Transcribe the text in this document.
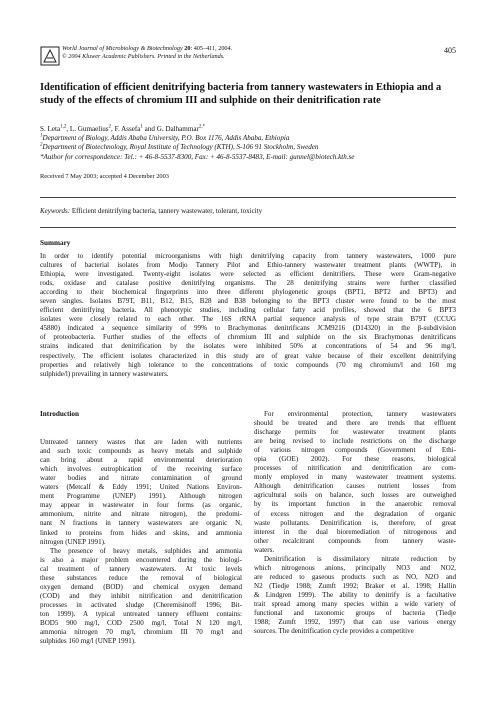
World Journal of Microbiology & Biotechnology 20: 405–411, 2004.
© 2004 Kluwer Academic Publishers. Printed in the Netherlands.
405
Identification of efficient denitrifying bacteria from tannery wastewaters in Ethiopia and a study of the effects of chromium III and sulphide on their denitrification rate
S. Leta$^{1,2}$, L. Gumaelius$^2$, F. Assefa$^1$ and G. Dalhammar$^{2,*}$
$^1$Department of Biology, Addis Ababa University, P.O. Box 1176, Addis Ababa, Ethiopia
$^2$Department of Biotechnology, Royal Institute of Technology (KTH), S-106 91 Stockholm, Sweden
*Author for correspondence: Tel.: + 46-8-5537-8300, Fax: + 46-8-5537-8483, E-mail: gunnel@biotech.kth.se
Received 7 May 2003; accepted 4 December 2003
Keywords: Efficient denitrifying bacteria, tannery wastewater, tolerant, toxicity
Summary
In order to identify potential microorganisms with high denitrifying capacity from tannery wastewaters, 1000 pure
cultures of bacterial isolates from Modjo Tannery Pilot and Ethio-tannery wastewater treatment plants (WWTP), in
Ethiopia, were investigated. Twenty-eight isolates were selected as efficient denitrifiers. These were Gram-negative
rods, oxidase and catalase positive denitrifying organisms. The 28 denitrifying strains were further classified
according to their biochemical fingerprints into three different phylogenetic groups (BPT1, BPT2 and BPT3) and
seven singles. Isolates B79T, B11, B12, B15, B28 and B38 belonging to the BPT3 cluster were found to be the most
efficient denitrifying bacteria. All phenotypic studies, including cellular fatty acid profiles, showed that the 6 BPT3
isolates were closely related to each other. The 16S rRNA partial sequence analysis of type strain B79T (CCUG
45880) indicated a sequence similarity of 99% to Brachymonas denitrificans JCM9216 (D14320) in the β-subdivision
of proteobacteria. Further studies of the effects of chromium III and sulphide on the six Brachymonas denitrificans
strains indicated that denitrification by the isolates were inhibited 50% at concentrations of 54 and 96 mg/l,
respectively. The efficient isolates characterized in this study are of great value because of their excellent denitrifying
properties and relatively high tolerance to the concentrations of toxic compounds (70 mg chromium/l and 160 mg
sulphide/l) prevailing in tannery wastewaters.
Introduction
Untreated tannery wastes that are laden with nutrients
and such toxic compounds as heavy metals and sulphide
can bring about a rapid environmental deterioration
which involves eutrophication of the receiving surface
water bodies and nitrate contamination of ground
waters (Metcalf & Eddy 1991; United Nations Environ-
ment Programme (UNEP) 1991). Although nitrogen
may appear in wastewater in four forms (as organic,
ammonium, nitrite and nitrate nitrogen), the predomi-
nant N fractions in tannery wastewaters are organic N,
linked to proteins from hides and skins, and ammonia
nitrogen (UNEP 1991).
The presence of heavy metals, sulphides and ammonia
is also a major problem encountered during the biologi-
cal treatment of tannery wastewaters. At toxic levels
these substances reduce the removal of biological
oxygen demand (BOD) and chemical oxygen demand
(COD) and they inhibit nitrification and denitrification
processes in activated sludge (Cheremisinoff 1996; Bit-
ton 1999). A typical untreated tannery effluent contains:
BOD5 900 mg/l, COD 2500 mg/l, Total N 120 mg/l,
ammonia nitrogen 70 mg/l, chromium III 70 mg/l and
sulphides 160 mg/l (UNEP 1991).
For environmental protection, tannery wastewaters
should be treated and there are trends that effluent
discharge permits for wastewater treatment plants
are being revised to include restrictions on the discharge
of various nitrogen compounds (Government of Ethi-
opia (GOE) 2002). For these reasons, biological
processes of nitrification and denitrification are com-
monly employed in many wastewater treatment systems.
Although denitrification causes nutrient losses from
agricultural soils on balance, such losses are outweighed
by its important function in the anaerobic removal
of excess nitrogen and the degradation of organic
waste pollutants. Denitrification is, therefore, of great
interest in the dual bioremediation of nitrogenous and
other recalcitrant compounds from tannery waste-
waters.
Denitrification is dissimilatory nitrate reduction by
which nitrogenous anions, principally NO3 and NO2,
are reduced to gaseous products such as NO, N2O and
N2 (Tiedje 1988; Zumft 1992; Braker et al. 1998; Hallin
& Lindgren 1999). The ability to denitrify is a facultative
trait spread among many species within a wide variety of
functional and taxonomic groups of bacteria (Tiedje
1988; Zumft 1992, 1997) that can use various energy
sources. The denitrification cycle provides a competitive
